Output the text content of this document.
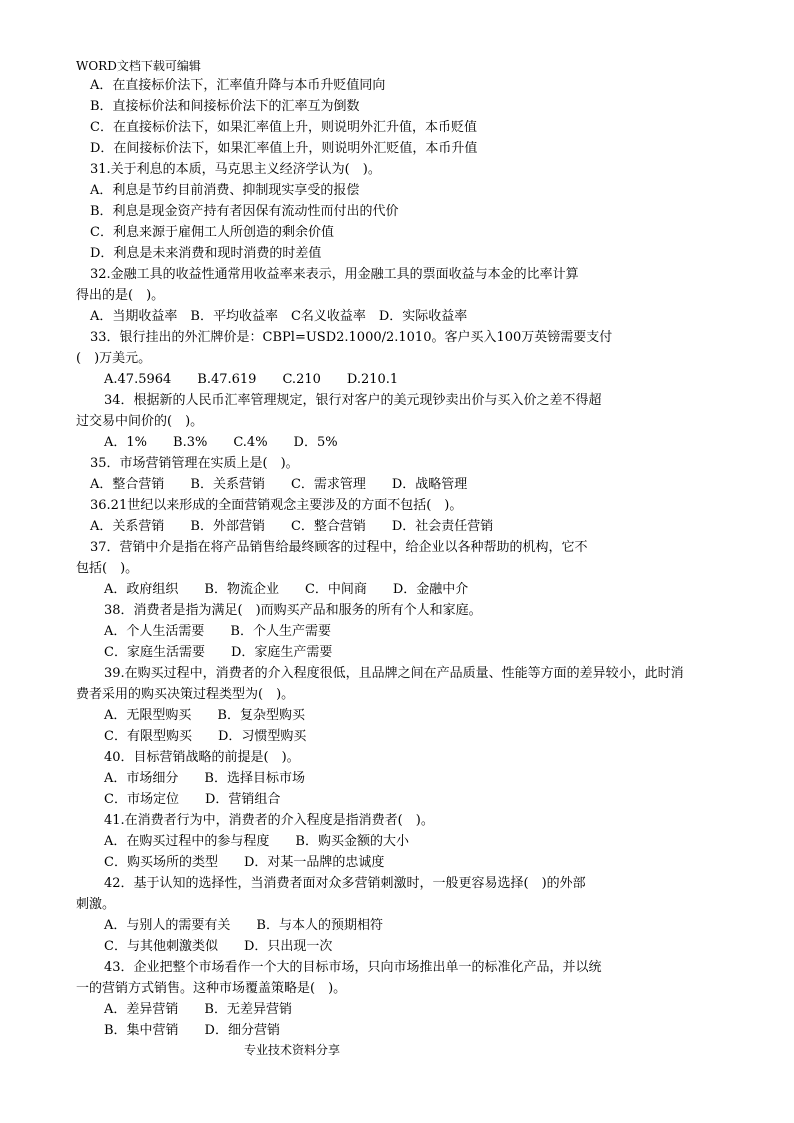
WORD文档下载可编辑
A．在直接标价法下，汇率值升降与本币升贬值同向
B．直接标价法和间接标价法下的汇率互为倒数
C．在直接标价法下，如果汇率值上升，则说明外汇升值，本币贬值
D．在间接标价法下，如果汇率值上升，则说明外汇贬值，本币升值
31.关于利息的本质，马克思主义经济学认为(　)。
A．利息是节约目前消费、抑制现实享受的报偿
B．利息是现金资产持有者因保有流动性而付出的代价
C．利息来源于雇佣工人所创造的剩余价值
D．利息是未来消费和现时消费的时差值
32.金融工具的收益性通常用收益率来表示，用金融工具的票面收益与本金的比率计算
得出的是(　)。
A．当期收益率　B．平均收益率　C名义收益率　D．实际收益率
33．银行挂出的外汇牌价是：CBPl=USD2.1000/2.1010。客户买入100万英镑需要支付
(　)万美元。
A.47.5964　　B.47.619　　C.210　　D.210.1
34．根据新的人民币汇率管理规定，银行对客户的美元现钞卖出价与买入价之差不得超
过交易中间价的(　)。
A．1%　　B.3%　　C.4%　　D．5%
35．市场营销管理在实质上是(　)。
A．整合营销　　B．关系营销　　C．需求管理　　D．战略管理
36.21世纪以来形成的全面营销观念主要涉及的方面不包括(　)。
A．关系营销　　B．外部营销　　C．整合营销　　D．社会责任营销
37．营销中介是指在将产品销售给最终顾客的过程中，给企业以各种帮助的机构，它不
包括(　)。
A．政府组织　　B．物流企业　　C．中间商　　D．金融中介
38．消费者是指为满足(　)而购买产品和服务的所有个人和家庭。
A．个人生活需要　　B．个人生产需要
C．家庭生活需要　　D．家庭生产需要
39.在购买过程中，消费者的介入程度很低，且品牌之间在产品质量、性能等方面的差异较小，此时消
费者采用的购买决策过程类型为(　)。
A．无限型购买　　B．复杂型购买
C．有限型购买　　D．习惯型购买
40．目标营销战略的前提是(　)。
A．市场细分　　B．选择目标市场
C．市场定位　　D．营销组合
41.在消费者行为中，消费者的介入程度是指消费者(　)。
A．在购买过程中的参与程度　　B．购买金额的大小
C．购买场所的类型　　D．对某一品牌的忠诚度
42．基于认知的选择性，当消费者面对众多营销刺激时，一般更容易选择(　)的外部
刺激。
A．与别人的需要有关　　B．与本人的预期相符
C．与其他刺激类似　　D．只出现一次
43．企业把整个市场看作一个大的目标市场，只向市场推出单一的标准化产品，并以统
一的营销方式销售。这种市场覆盖策略是(　)。
A．差异营销　　B．无差异营销
B．集中营销　　D．细分营销
专业技术资料分享
